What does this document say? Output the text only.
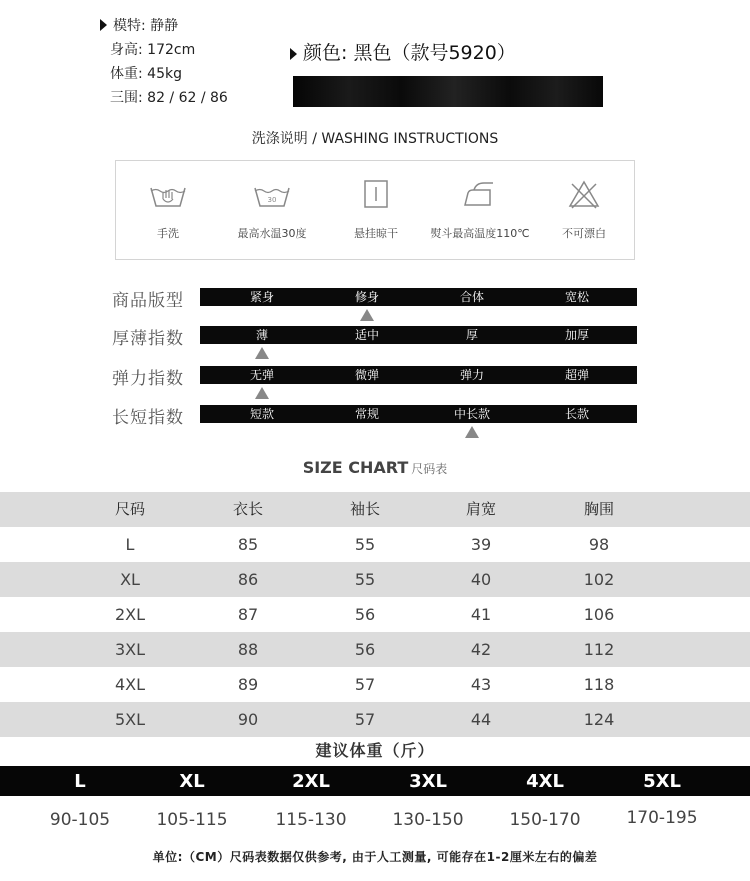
模特: 静静
身高: 172cm
体重: 45kg
三围: 82 / 62 / 86
颜色: 黑色（款号5920）
洗涤说明 / WASHING INSTRUCTIONS
手洗
30
最高水温30度	悬挂晾干	熨斗最高温度110℃	不可漂白
商品版型	紧身	修身	合体	宽松
厚薄指数	薄	适中	厚	加厚
弹力指数	无弹	微弹	弹力	超弹
长短指数	短款	常规	中长款	长款
SIZE CHART 尺码表
尺码	衣长	袖长	肩宽	胸围
L	85	55	39	98
XL	86	55	40	102
2XL	87	56	41	106
3XL	88	56	42	112
4XL	89	57	43	118
5XL	90	57	44	124
建议体重（斤）
L	XL	2XL	3XL	4XL	5XL
90-105	105-115	115-130	130-150	150-170	170-195
单位:（CM）尺码表数据仅供参考, 由于人工测量, 可能存在1-2厘米左右的偏差
